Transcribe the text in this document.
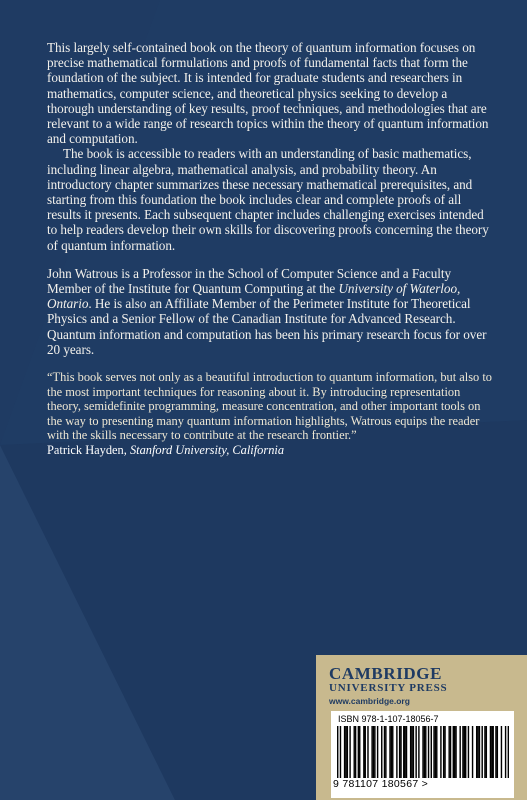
This largely self-contained book on the theory of quantum information focuses on precise mathematical formulations and proofs of fundamental facts that form the foundation of the subject. It is intended for graduate students and researchers in mathematics, computer science, and theoretical physics seeking to develop a thorough understanding of key results, proof techniques, and methodologies that are relevant to a wide range of research topics within the theory of quantum information and computation.

The book is accessible to readers with an understanding of basic mathematics, including linear algebra, mathematical analysis, and probability theory. An introductory chapter summarizes these necessary mathematical prerequisites, and starting from this foundation the book includes clear and complete proofs of all results it presents. Each subsequent chapter includes challenging exercises intended to help readers develop their own skills for discovering proofs concerning the theory of quantum information.

John Watrous is a Professor in the School of Computer Science and a Faculty Member of the Institute for Quantum Computing at the University of Waterloo, Ontario. He is also an Affiliate Member of the Perimeter Institute for Theoretical Physics and a Senior Fellow of the Canadian Institute for Advanced Research. Quantum information and computation has been his primary research focus for over 20 years.

“This book serves not only as a beautiful introduction to quantum information, but also to the most important techniques for reasoning about it. By introducing representation theory, semidefinite programming, measure concentration, and other important tools on the way to presenting many quantum information highlights, Watrous equips the reader with the skills necessary to contribute at the research frontier.”

Patrick Hayden, Stanford University, California

CAMBRIDGE
UNIVERSITY PRESS
www.cambridge.org
ISBN 978-1-107-18056-7
9 781107 180567 >
